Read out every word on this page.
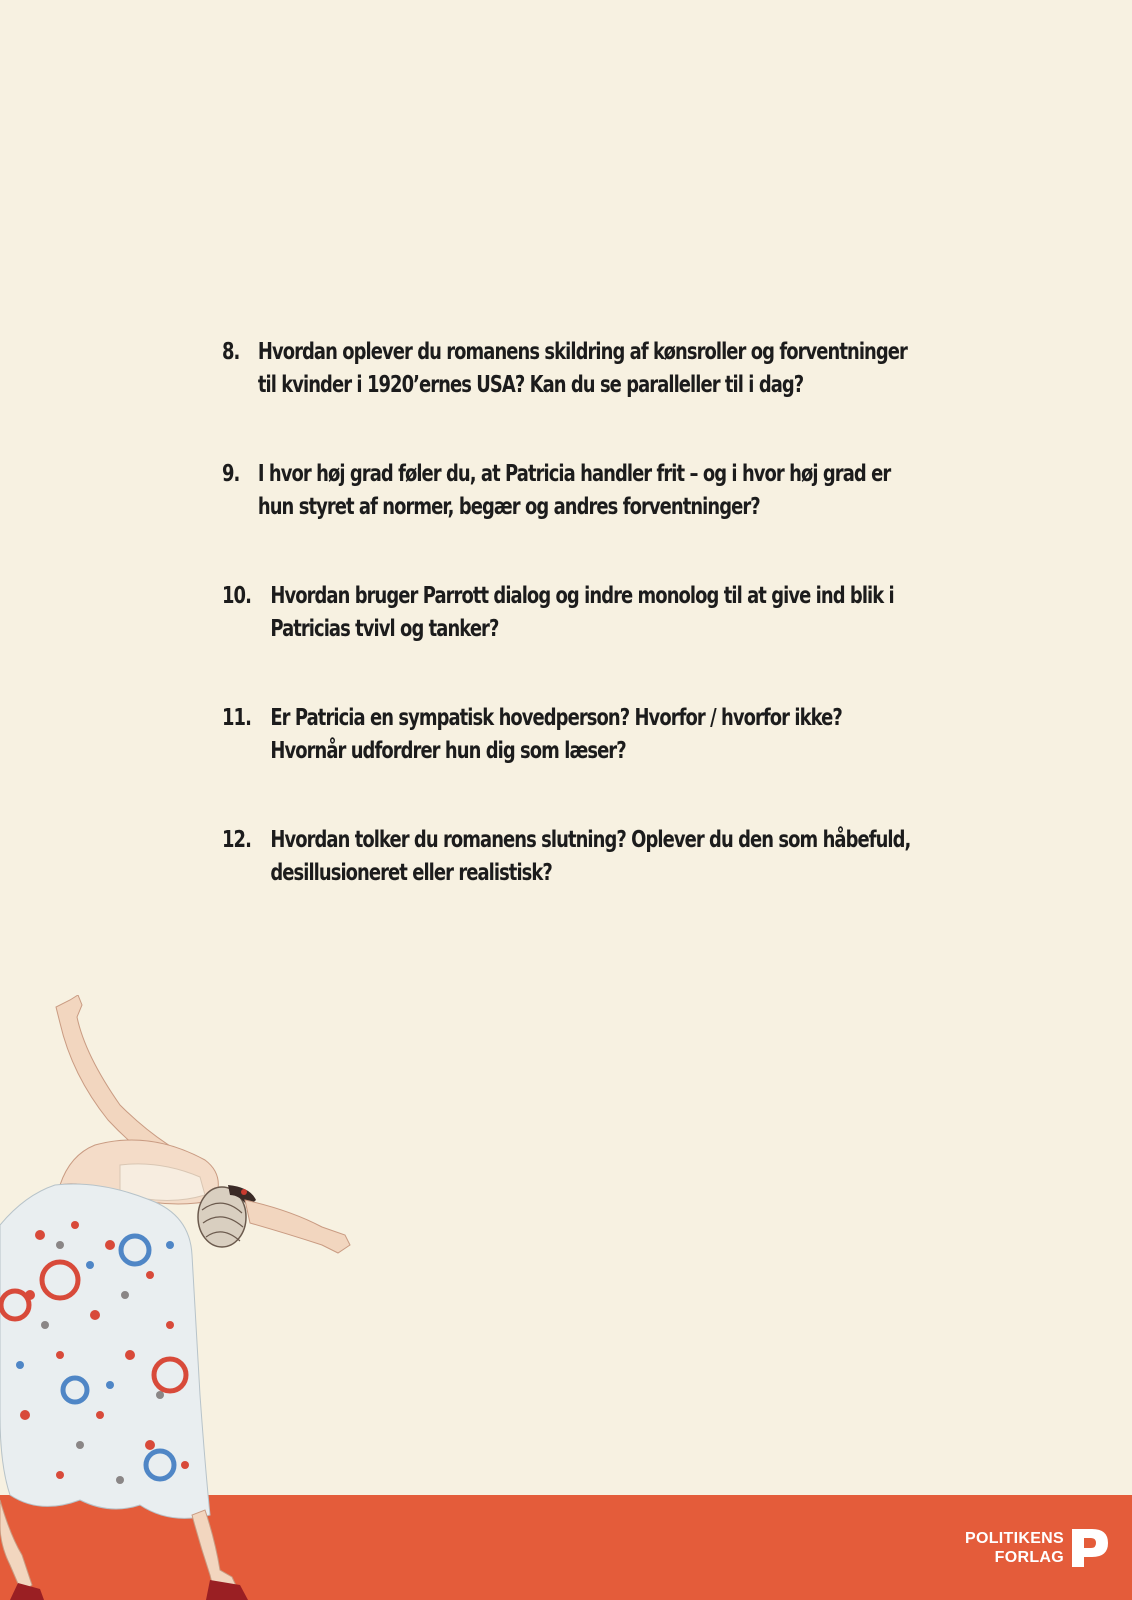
8. Hvordan oplever du romanens skildring af kønsroller og forventninger til kvinder i 1920’ernes USA? Kan du se paralleller til i dag?
9. I hvor høj grad føler du, at Patricia handler frit – og i hvor høj grad er hun styret af normer, begær og andres forventninger?
10. Hvordan bruger Parrott dialog og indre monolog til at give ind blik i Patricias tvivl og tanker?
11. Er Patricia en sympatisk hovedperson? Hvorfor / hvorfor ikke? Hvornår udfordrer hun dig som læser?
12. Hvordan tolker du romanens slutning? Oplever du den som håbefuld, desillusioneret eller realistisk?
POLITIKENS
FORLAG
